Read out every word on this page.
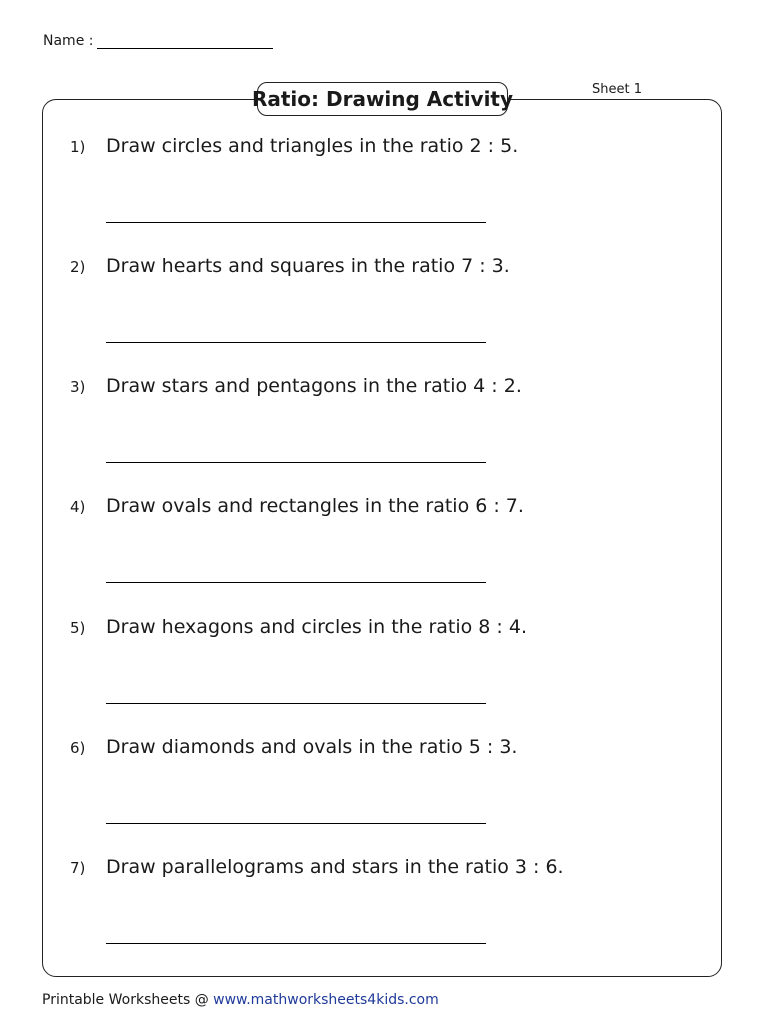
Name :
Ratio: Drawing Activity	Sheet 1
1) Draw circles and triangles in the ratio 2 : 5.
2) Draw hearts and squares in the ratio 7 : 3.
3) Draw stars and pentagons in the ratio 4 : 2.
4) Draw ovals and rectangles in the ratio 6 : 7.
5) Draw hexagons and circles in the ratio 8 : 4.
6) Draw diamonds and ovals in the ratio 5 : 3.
7) Draw parallelograms and stars in the ratio 3 : 6.
Printable Worksheets @ www.mathworksheets4kids.com
